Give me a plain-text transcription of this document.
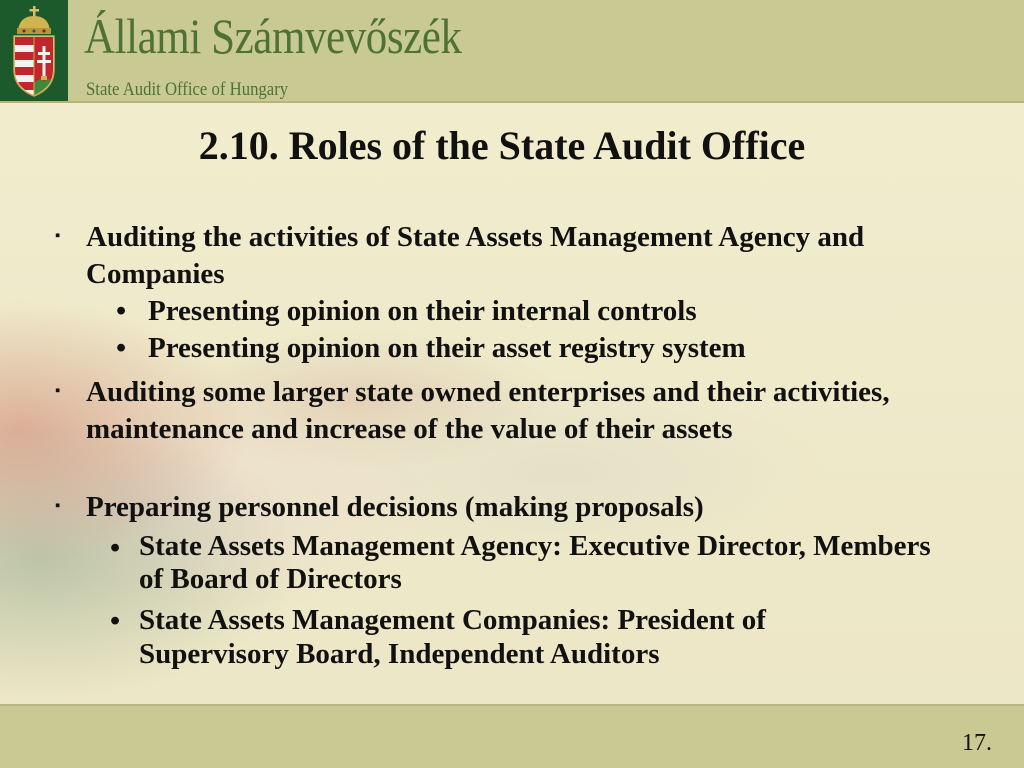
Állami Számvevőszék
State Audit Office of Hungary
2.10. Roles of the State Audit Office
▪ Auditing the activities of State Assets Management Agency and Companies
• Presenting opinion on their internal controls
• Presenting opinion on their asset registry system
▪ Auditing some larger state owned enterprises and their activities, maintenance and increase of the value of their assets
▪ Preparing personnel decisions (making proposals)
• State Assets Management Agency: Executive Director, Members of Board of Directors
• State Assets Management Companies: President of Supervisory Board, Independent Auditors
17.
